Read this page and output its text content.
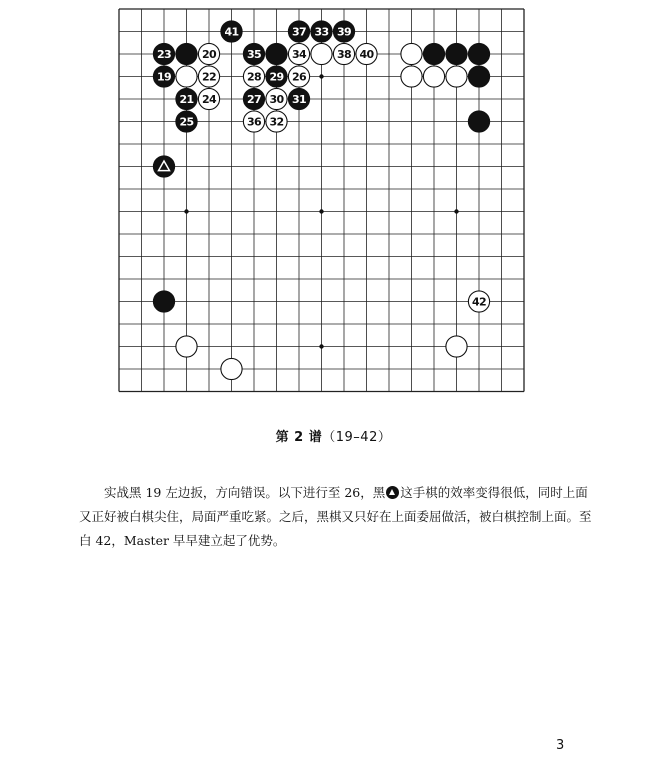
41	37 33 39
23	20	35	34	38 40
19	22	28 29 26
21 24	27 30 31
25	36 32
42
第 2 谱（19–42）

实战黑 19 左边扳，方向错误。以下进行至 26，黑 这手棋的效率变得很低，同时上面又正好被白棋尖住，局面严重吃紧。之后，黑棋又只好在上面委屈做活，被白棋控制上面。至白 42，Master 早早建立起了优势。

3
